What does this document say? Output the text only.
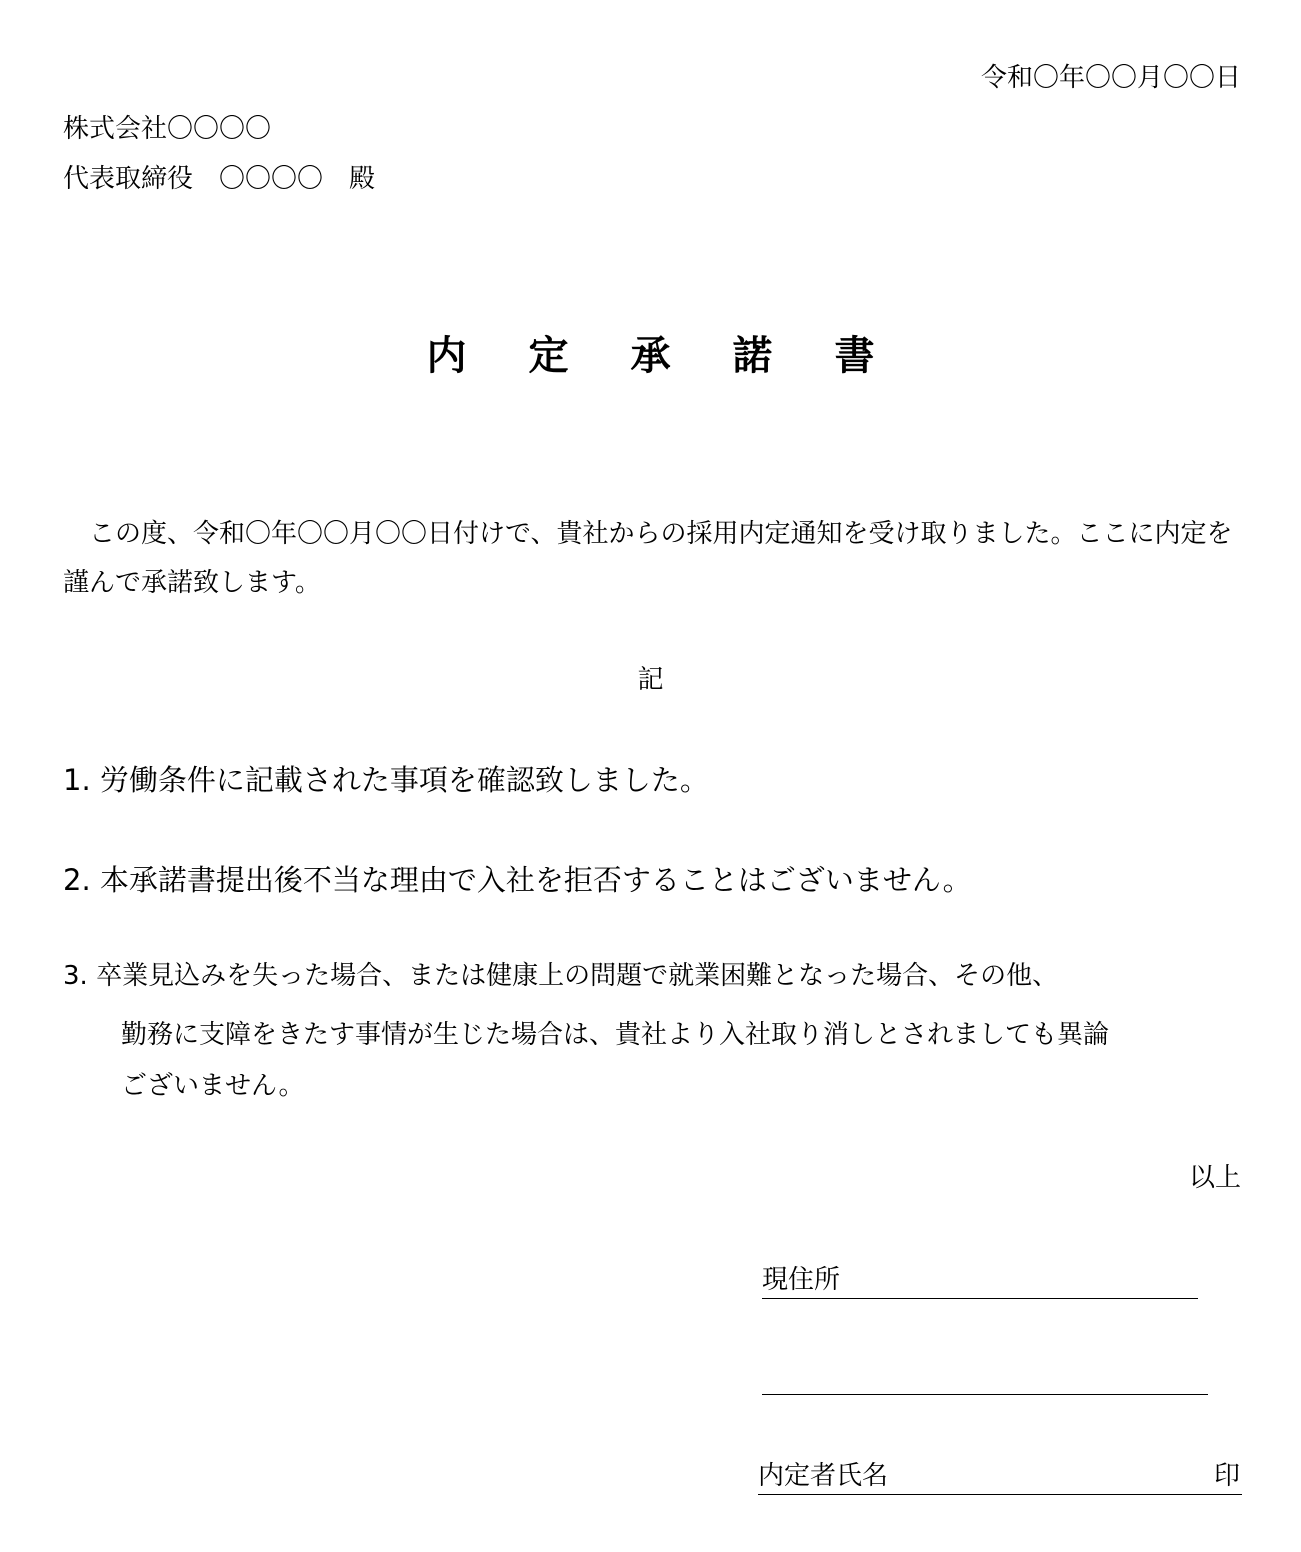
令和〇年〇〇月〇〇日
株式会社〇〇〇〇
代表取締役　〇〇〇〇　殿
内定承諾書
この度、令和〇年〇〇月〇〇日付けで、貴社からの採用内定通知を受け取りました。ここに内定を謹んで承諾致します。
記
1. 労働条件に記載された事項を確認致しました。
2. 本承諾書提出後不当な理由で入社を拒否することはございません。
3. 卒業見込みを失った場合、または健康上の問題で就業困難となった場合、その他、
勤務に支障をきたす事情が生じた場合は、貴社より入社取り消しとされましても異論ございません。
以上
現住所
内定者氏名	印
